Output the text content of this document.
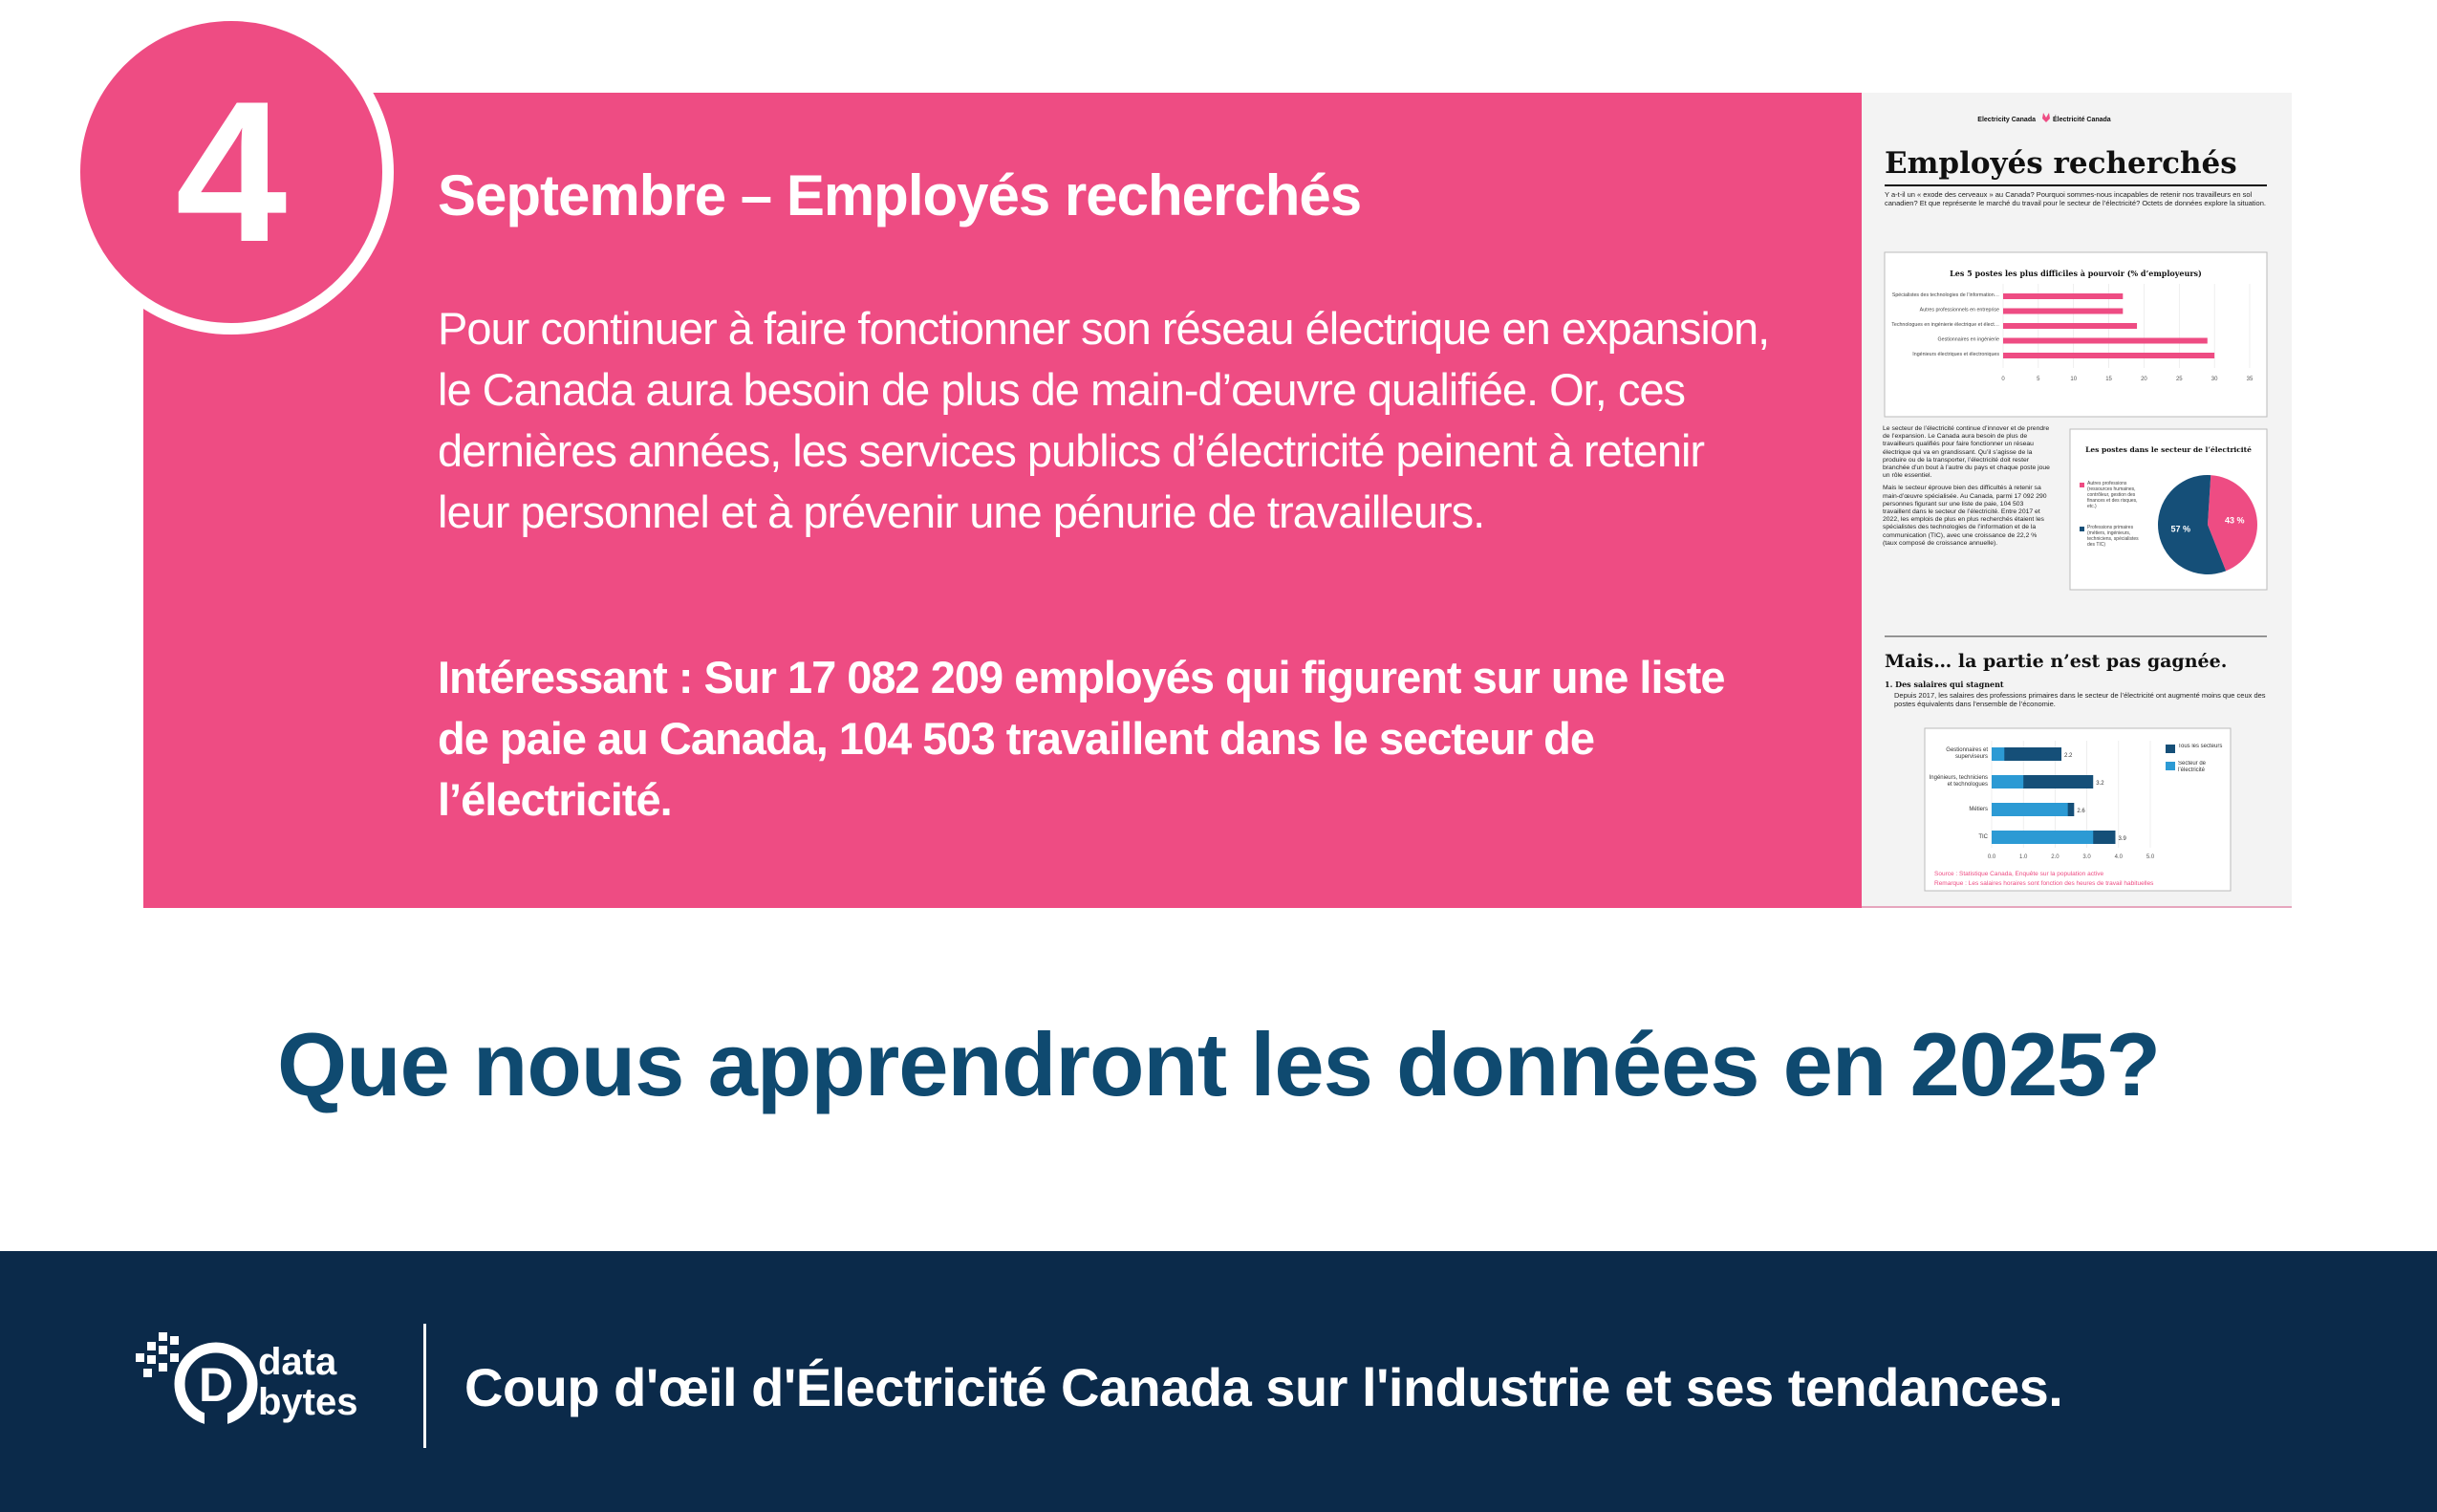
4	Septembre – Employés recherchés
Pour continuer à faire fonctionner son réseau électrique en expansion, le Canada aura besoin de plus de main-d’œuvre qualifiée. Or, ces dernières années, les services publics d’électricité peinent à retenir leur personnel et à prévenir une pénurie de travailleurs.
Intéressant : Sur 17 082 209 employés qui figurent sur une liste de paie au Canada, 104 503 travaillent dans le secteur de l’électricité.
Electricity Canada	Électricité Canada
Employés recherchés
Y a-t-il un « exode des cerveaux » au Canada? Pourquoi sommes-nous incapables de retenir nos travailleurs en sol canadien? Et que représente le marché du travail pour le secteur de l’électricité? Octets de données explore la situation.
Les 5 postes les plus difficiles à pourvoir (% d’employeurs)
Spécialistes des technologies de l’information…
Autres professionnels en entreprise
Technologues en ingénierie électrique et élect…
Gestionnaires en ingénierie
Ingénieurs électriques et électroniques
0	5	10	15	20	25	30	35
Le secteur de l’électricité continue d’innover et de prendre de l’expansion. Le Canada aura besoin de plus de travailleurs qualifiés pour faire fonctionner un réseau électrique qui va en grandissant. Qu’il s’agisse de la produire ou de la transporter, l’électricité doit rester branchée d’un bout à l’autre du pays et chaque poste joue un rôle essentiel.
Mais le secteur éprouve bien des difficultés à retenir sa main-d’œuvre spécialisée. Au Canada, parmi 17 092 290 personnes figurant sur une liste de paie, 104 503 travaillent dans le secteur de l’électricité. Entre 2017 et 2022, les emplois de plus en plus recherchés étaient les spécialistes des technologies de l’information et de la communication (TIC), avec une croissance de 22,2 % (taux composé de croissance annuelle).
Les postes dans le secteur de l’électricité
43 %
57 %
Autres professions (ressources humaines, contrôleur, gestion des finances et des risques, etc.)
Professions primaires (métiers, ingénieurs, techniciens, spécialistes des TIC)
Mais… la partie n’est pas gagnée.
1. Des salaires qui stagnent
Depuis 2017, les salaires des professions primaires dans le secteur de l’électricité ont augmenté moins que ceux des postes équivalents dans l’ensemble de l’économie.
Gestionnaires et superviseurs	2.2
Ingénieurs, techniciens et technologues	3.2
Métiers	2.6
TIC	3.9
0.0	1.0	2.0	3.0	4.0	5.0
Tous les secteurs
Secteur de l’électricité
Source : Statistique Canada, Enquête sur la population active
Remarque : Les salaires horaires sont fonction des heures de travail habituelles
Que nous apprendront les données en 2025?
D data
bytes Coup d'œil d'Électricité Canada sur l'industrie et ses tendances.
